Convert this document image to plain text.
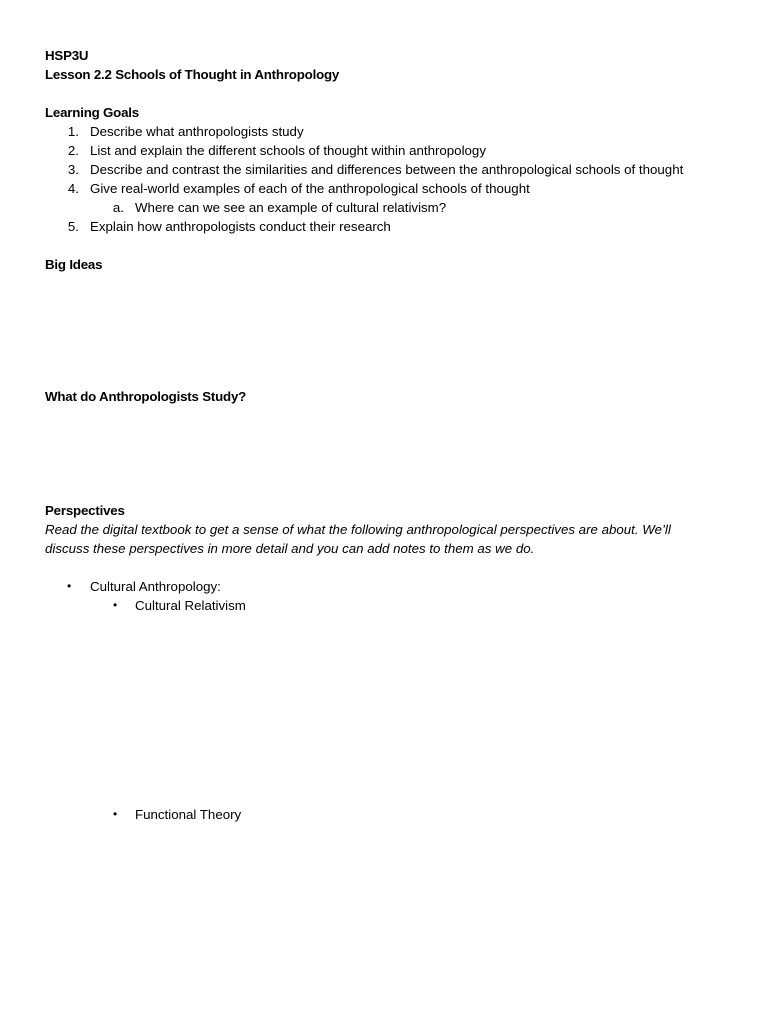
HSP3U
Lesson 2.2 Schools of Thought in Anthropology
Learning Goals
1. Describe what anthropologists study
2. List and explain the different schools of thought within anthropology
3. Describe and contrast the similarities and differences between the anthropological schools of thought
4. Give real-world examples of each of the anthropological schools of thought
a. Where can we see an example of cultural relativism?
5. Explain how anthropologists conduct their research
Big Ideas
What do Anthropologists Study?
Perspectives
Read the digital textbook to get a sense of what the following anthropological perspectives are about. We’ll
discuss these perspectives in more detail and you can add notes to them as we do.
• Cultural Anthropology:
• Cultural Relativism
• Functional Theory
